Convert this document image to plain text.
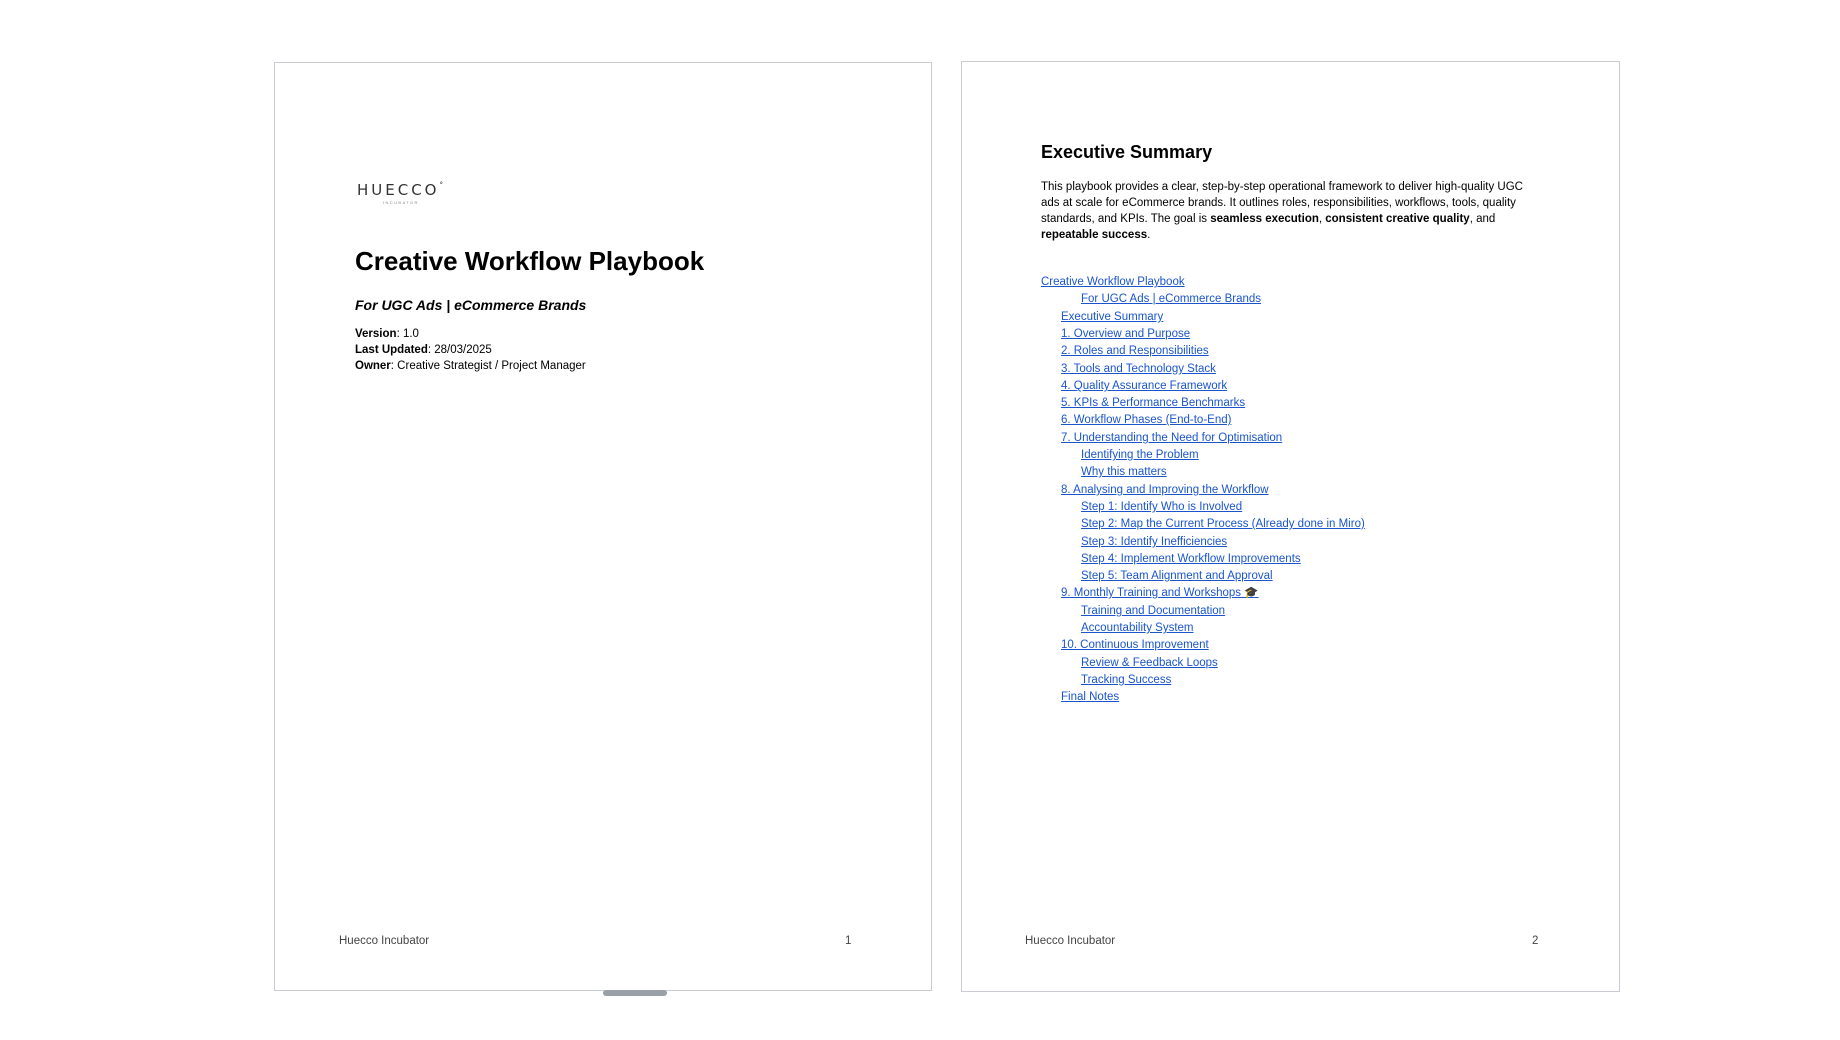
HUECCO°
INCUBATOR
Creative Workflow Playbook
For UGC Ads | eCommerce Brands
Version: 1.0
Last Updated: 28/03/2025
Owner: Creative Strategist / Project Manager
Huecco Incubator	1
Executive Summary

This playbook provides a clear, step-by-step operational framework to deliver high-quality UGC ads at scale for eCommerce brands. It outlines roles, responsibilities, workflows, tools, quality standards, and KPIs. The goal is seamless execution, consistent creative quality, and repeatable success.

Creative Workflow Playbook
For UGC Ads | eCommerce Brands
Executive Summary
1. Overview and Purpose
2. Roles and Responsibilities
3. Tools and Technology Stack
4. Quality Assurance Framework
5. KPIs & Performance Benchmarks
6. Workflow Phases (End-to-End)
7. Understanding the Need for Optimisation
Identifying the Problem
Why this matters
8. Analysing and Improving the Workflow
Step 1: Identify Who is Involved
Step 2: Map the Current Process (Already done in Miro)
Step 3: Identify Inefficiencies
Step 4: Implement Workflow Improvements
Step 5: Team Alignment and Approval
9. Monthly Training and Workshops 🎓
Training and Documentation
Accountability System
10. Continuous Improvement
Review & Feedback Loops
Tracking Success
Final Notes
Huecco Incubator	2
